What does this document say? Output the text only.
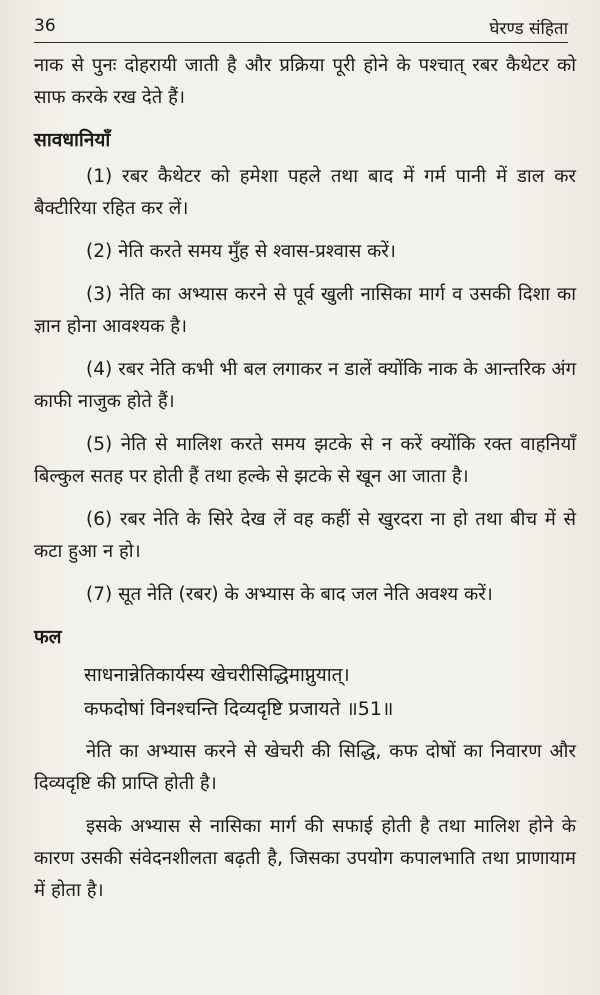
36	घेरण्ड संहिता

नाक से पुनः दोहरायी जाती है और प्रक्रिया पूरी होने के पश्चात् रबर कैथेटर को साफ करके रख देते हैं।

सावधानियाँ

(1) रबर कैथेटर को हमेशा पहले तथा बाद में गर्म पानी में डाल कर बैक्टीरिया रहित कर लें।

(2) नेति करते समय मुँह से श्वास-प्रश्वास करें।

(3) नेति का अभ्यास करने से पूर्व खुली नासिका मार्ग व उसकी दिशा का ज्ञान होना आवश्यक है।

(4) रबर नेति कभी भी बल लगाकर न डालें क्योंकि नाक के आन्तरिक अंग काफी नाजुक होते हैं।

(5) नेति से मालिश करते समय झटके से न करें क्योंकि रक्त वाहनियाँ बिल्कुल सतह पर होती हैं तथा हल्के से झटके से खून आ जाता है।

(6) रबर नेति के सिरे देख लें वह कहीं से खुरदरा ना हो तथा बीच में से कटा हुआ न हो।

(7) सूत नेति (रबर) के अभ्यास के बाद जल नेति अवश्य करें।

फल
साधनान्नेतिकार्यस्य खेचरीसिद्धिमाप्नुयात्।
कफदोषां विनश्चन्ति दिव्यदृष्टि प्रजायते ॥51॥

नेति का अभ्यास करने से खेचरी की सिद्धि, कफ दोषों का निवारण और दिव्यदृष्टि की प्राप्ति होती है।

इसके अभ्यास से नासिका मार्ग की सफाई होती है तथा मालिश होने के कारण उसकी संवेदनशीलता बढ़ती है, जिसका उपयोग कपालभाति तथा प्राणायाम में होता है।
